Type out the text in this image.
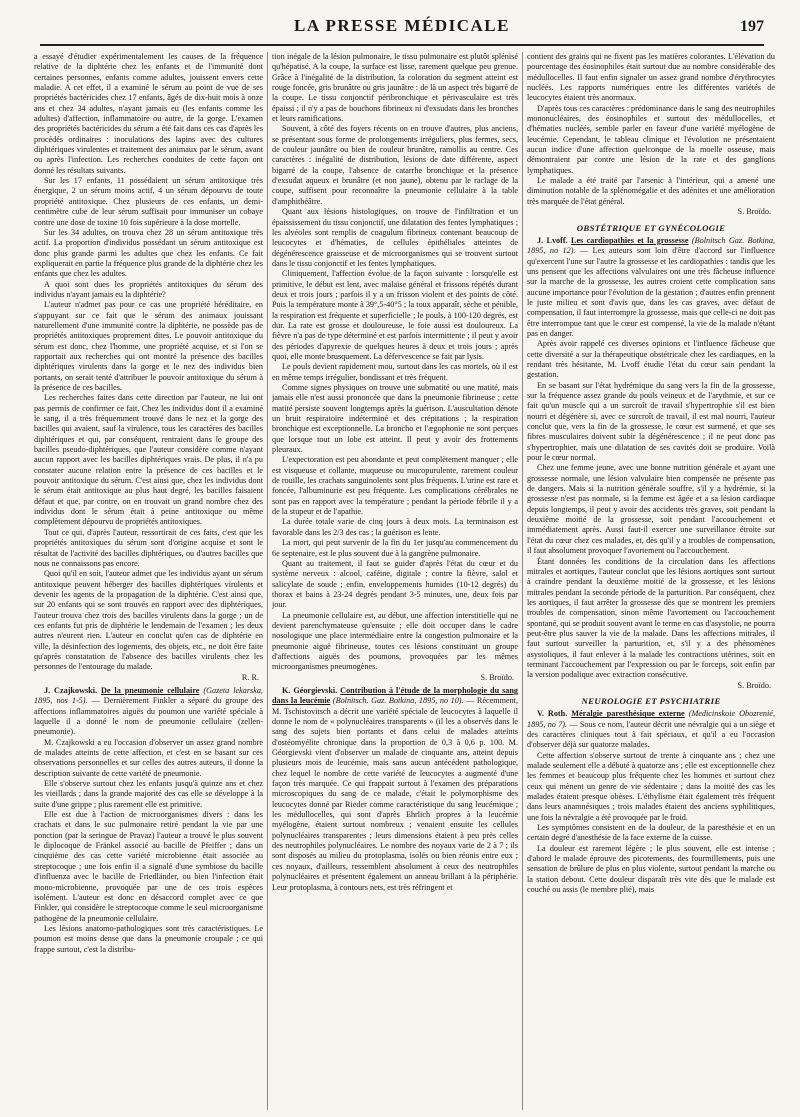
LA PRESSE MÉDICALE	197

a essayé d'étudier expérimentalement les causes de la fréquence relative de la diphtérie chez les enfants et de l'immunité dont certaines personnes, enfants comme adultes, jouissent envers cette maladie. A cet effet, il a examiné le sérum au point de vue de ses propriétés bactéricides chez 17 enfants, âgés de dix-huit mois à onze ans et chez 34 adultes, n'ayant jamais eu (les enfants comme les adultes) d'affection, inflammatoire ou autre, de la gorge. L'examen des propriétés bactéricides du sérum a été fait dans ces cas d'après les procédés ordinaires : inoculations des lapins avec des cultures diphtériques virulentes et traitement des animaux par le sérum, avant ou après l'infection. Les recherches conduites de cette façon ont donné les résultats suivants.

Sur les 17 enfants, 11 possédaient un sérum antitoxique très énergique, 2 un sérum moins actif, 4 un sérum dépourvu de toute propriété antitoxique. Chez plusieurs de ces enfants, un demi-centimètre cube de leur sérum suffisait pour immuniser un cobaye contre une dose de toxine 10 fois supérieure à la dose mortelle.

Sur les 34 adultes, on trouva chez 28 un sérum antitoxique très actif. La proportion d'individus possédant un sérum antitoxique est donc plus grande parmi les adultes que chez les enfants. Ce fait expliquerait en partie la fréquence plus grande de la diphtérie chez les enfants que chez les adultes.

A quoi sont dues les propriétés antitoxiques du sérum des individus n'ayant jamais eu la diphtérie?

L'auteur n'admet pas pour ce cas une propriété héréditaire, en s'appuyant sur ce fait que le sérum des animaux jouissant naturellement d'une immunité contre la diphtérie, ne possède pas de propriétés antitoxiques proprement dites. Le pouvoir antitoxique du sérum est donc, chez l'homme, une propriété acquise, et si l'on se rapportait aux recherches qui ont montré la présence des bacilles diphtériques virulents dans la gorge et le nez des individus bien portants, on serait tenté d'attribuer le pouvoir antitoxique du sérum à la présence de ces bacilles.

Les recherches faites dans cette direction par l'auteur, ne lui ont pas permis de confirmer ce fait. Chez les individus dont il a examiné le sang, il a très fréquemment trouvé dans le nez et la gorge des bacilles qui avaient, sauf la virulence, tous les caractères des bacilles diphtériques et qui, par conséquent, rentraient dans le groupe des bacilles pseudo-diphtériques, que l'auteur considère comme n'ayant aucun rapport avec les bacilles diphtériques vrais. De plus, il n'a pu constater aucune relation entre la présence de ces bacilles et le pouvoir antitoxique du sérum. C'est ainsi que, chez les individus dont le sérum était antitoxique au plus haut degré, les bacilles faisaient défaut et que, par contre, on en trouvait un grand nombre chez des individus dont le sérum était à peine antitoxique ou même complètement dépourvu de propriétés antitoxiques.

Tout ce qui, d'après l'auteur, ressortirait de ces faits, c'est que les propriétés antitoxiques du sérum sont d'origine acquise et sont le résultat de l'activité des bacilles diphtériques, ou d'autres bacilles que nous ne connaissons pas encore.

Quoi qu'il en soit, l'auteur admet que les individus ayant un sérum antitoxique peuvent héberger des bacilles diphtériques virulents et devenir les agents de la propagation de la diphtérie. C'est ainsi que, sur 20 enfants qui se sont trouvés en rapport avec des diphtériques, l'auteur trouva chez trois des bacilles virulents dans la gorge ; un de ces enfants fut pris de diphtérie le lendemain de l'examen ; les deux autres n'eurent rien. L'auteur en conclut qu'en cas de diphtérie en ville, la désinfection des logements, des objets, etc., ne doit être faite qu'après constatation de l'absence des bacilles virulents chez les personnes de l'entourage du malade.

R. R.

J. Czajkowski. De la pneumonie cellulaire (Gazeta lekarska, 1895, nos 1-5). — Dernièrement Finkler a séparé du groupe des affections inflammatoires aiguës du poumon une variété spéciale à laquelle il a donné le nom de pneumonie cellulaire (zellen-pneumonie).

M. Czajkowski a eu l'occasion d'observer un assez grand nombre de malades atteints de cette affection, et c'est en se basant sur ces observations personnelles et sur celles des autres auteurs, il donne la description suivante de cette variété de pneumonie.

Elle s'observe surtout chez les enfants jusqu'à quinze ans et chez les vieillards ; dans la grande majorité des cas elle se développe à la suite d'une grippe ; plus rarement elle est primitive.

Elle est due à l'action de microorganismes divers : dans les crachats et dans le suc pulmonaire retiré pendant la vie par une ponction (par la seringue de Pravaz) l'auteur a trouvé le plus souvent le diplocoque de Fränkel associé au bacille de Pfeiffer ; dans un cinquième des cas cette variété microbienne était associée au streptocoque ; une fois enfin il a signalé d'une symbiose du bacille d'influenza avec le bacille de Friedländer, ou bien l'infection était mono-microbienne, provoquée par une de ces trois espèces isolément. L'auteur est donc en désaccord complet avec ce que Finkler, qui considère le streptocoque comme le seul microorganisme pathogène de la pneumonie cellulaire.

Les lésions anatomo-pathologiques sont très caractéristiques. Le poumon est moins dense que dans la pneumonie croupale ; ce qui frappe surtout, c'est la distribu-

tion inégale de la lésion pulmonaire, le tissu pulmonaire est plutôt splénisé qu'hépatisé. A la coupe, la surface est lisse, rarement quelque peu grenue. Grâce à l'inégalité de la distribution, la coloration du segment atteint est rouge foncée, gris brunâtre ou gris jaunâtre : de là un aspect très bigarré de la coupe. Le tissu conjonctif péribronchique et périvasculaire est très épaissi ; il n'y a pas de bouchons fibrineux ni d'exsudats dans les bronches et leurs ramifications.

Souvent, à côté des foyers récents on en trouve d'autres, plus anciens, se présentant sous forme de prolongements irréguliers, plus fermes, secs, de couleur jaunâtre ou bien de couleur brunâtre, ramollis au centre. Ces caractères : inégalité de distribution, lésions de date différente, aspect bigarré de la coupe, l'absence de catarrhe bronchique et la présence d'exsudat aqueux et brunâtre (et non jaune), obtenu par le raclage de la coupe, suffisent pour reconnaître la pneumonie cellulaire à la table d'amphithéâtre.

Quant aux lésions histologiques, on trouve de l'infiltration et un épaississement du tissu conjonctif, une dilatation des fentes lymphatiques ; les alvéoles sont remplis de coagulum fibrineux contenant beaucoup de leucocytes et d'hématies, de cellules épithéliales atteintes de dégénérescence graisseuse et de microorganismes qui se trouvent surtout dans le tissu conjonctif et les fentes lymphatiques.

Cliniquement, l'affection évolue de la façon suivante : lorsqu'elle est primitive, le début est lent, avec malaise général et frissons répétés durant deux et trois jours ; parfois il y a un frisson violent et des points de côté. Puis la température monte à 39°,5-40°5 ; la toux apparaît, sèche et pénible, la respiration est fréquente et superficielle ; le pouls, à 100-120 degrés, est dur. La rate est grosse et douloureuse, le foie aussi est douloureux. La fièvre n'a pas de type déterminé et est parfois intermittente ; il peut y avoir des périodes d'apyrexie de quelques heures à deux et trois jours ; après quoi, elle monte brusquement. La défervescence se fait par lysis.

Le pouls devient rapidement mou, surtout dans les cas mortels, où il est en même temps irrégulier, bondissant et très fréquent.

Comme signes physiques on trouve une submatité ou une matité, mais jamais elle n'est aussi prononcée que dans la pneumonie fibrineuse ; cette matité persiste souvent longtemps après la guérison. L'auscultation dénote un bruit respiratoire indéterminé et des crépitations ; la respiration bronchique est exceptionnelle. La broncho et l'ægophonie ne sont perçues que lorsque tout un lobe est atteint. Il peut y avoir des frottements pleuraux.

L'expectoration est peu abondante et peut complètement manquer ; elle est visqueuse et collante, muqueuse ou mucopurulente, rarement couleur de rouille, les crachats sanguinolents sont plus fréquents. L'urine est rare et foncée, l'albuminurie est peu fréquente. Les complications cérébrales ne sont pas en rapport avec la température ; pendant la période fébrile il y a de la stupeur et de l'apathie.

La durée totale varie de cinq jours à deux mois. La terminaison est favorable dans les 2/3 des cas ; la guérison es lente.

La mort, qui peut survenir de la fin du 1er jusqu'au commencement du 6e septenaire, est le plus souvent due à la gangrène pulmonaire.

Quant au traitement, il faut se guider d'après l'état du cœur et du système nerveux : alcool, caféine, digitale ; contre la fièvre, salol et salicylate de soude ; enfin, enveloppements humides (10-12 degrés) du thorax et bains à 23-24 degrés pendant 3-5 minutes, une, deux fois par jour.

La pneumonie cellulaire est, au début, une affection interstitielle qui ne devient parenchymateuse qu'ensuite ; elle doit occuper dans le cadre nosologique une place intermédiaire entre la congestion pulmonaire et la pneumonie aiguë fibrineuse, toutes ces lésions constituant un groupe d'affections aiguës des poumons, provoquées par les mêmes microorganismes pneumogènes.

S. Broïdo.

K. Géorgievski. Contribution à l'étude de la morphologie du sang dans la leucémie (Bolnitsch. Gaz. Botkina, 1895, no 10). — Récemment, M. Tschistovitsch a décrit une variété spéciale de leucocytes à laquelle il donne le nom de « polynucléaires transparents » (il les a observés dans le sang des sujets bien portants et dans celui de malades atteints d'ostéomyélite chronique dans la proportion de 0,3 à 0,6 p. 100. M. Géorgievski vient d'observer un malade de cinquante ans, atteint depuis plusieurs mois de leucémie, mais sans aucun antécédent pathologique, chez lequel le nombre de cette variété de leucocytes a augmenté d'une façon très marquée. Ce qui frappait surtout à l'examen des préparations microscopiques du sang de ce malade, c'était le polymorphisme des leucocytes donné par Rieder comme caractéristique du sang leucémique ; les médullocelles, qui sont d'après Ehrlich propres à la leucémie myélogène, étaient surtout nombreux ; venaient ensuite les cellules polynucléaires transparentes ; leurs dimensions étaient à peu près celles des neutrophiles polynucléaires. Le nombre des noyaux varie de 2 à 7 ; ils sont disposés au milieu du protoplasma, isolés ou bien réunis entre eux ; ces noyaux, d'ailleurs, ressemblent absolument à ceux des neutrophiles polynucléaires et présentent également un anneau brillant à la périphérie. Leur protoplasma, à contours nets, est très réfringent et

contient des grains qui ne fixent pas les matières colorantes. L'élévation du pourcentage des éosinophiles était surtout due au nombre considérable des médullocelles. Il faut enfin signaler un assez grand nombre d'érythrocytes nucléés. Les rapports numériques entre les différentes variétés de leucocytes étaient très anormaux.

D'après tous ces caractères : prédominance dans le sang des neutrophiles mononucléaires, des éosinophiles et surtout des médullocelles, et d'hématies nucléés, semble parler en faveur d'une variété myélogène de leucémie. Cependant, le tableau clinique et l'évolution ne présentaient aucun indice d'une affection quelconque de la moelle osseuse, mais démontraient par contre une lésion de la rate et des ganglions lymphatiques.

Le malade a été traité par l'arsenic à l'intérieur, qui a amené une diminution notable de la splénomégalie et des adénites et une amélioration très marquée de l'état général.

S. Broïdo.
OBSTÉTRIQUE ET GYNÉCOLOGIE

J. Lvoff. Les cardiopathies et la grossesse (Bolnitsch Gaz. Botkina, 1895, no 12). — Les auteurs sont loin d'être d'accord sur l'influence qu'exercent l'une sur l'autre la grossesse et les cardiopathies : tandis que les uns pensent que les affections valvulaires ont une très fâcheuse influence sur la marche de la grossesse, les autres croient cette complication sans aucune importance pour l'évolution de la gestation ; d'autres enfin prennent le juste milieu et sont d'avis que, dans les cas graves, avec défaut de compensation, il faut interrompre la grossesse, mais que celle-ci ne doit pas être interrompue tant que le cœur est compensé, la vie de la malade n'étant pas en danger.

Après avoir rappelé ces diverses opinions et l'influence fâcheuse que cette diversité a sur la thérapeutique obstétricale chez les cardiaques, en la rendant très hésitante, M. Lvoff étudie l'état du cœur sain pendant la gestation.

En se basant sur l'état hydrémique du sang vers la fin de la grossesse, sur la fréquence assez grande du pouls veineux et de l'arythmie, et sur ce fait qu'un muscle qui a un surcroît de travail s'hypertrophie s'il est bien nourri et dégénère si, avec ce surcroît de travail, il est mal nourri, l'auteur conclut que, vers la fin de la grossesse, le cœur est surmené, et que ses fibres musculaires doivent subir la dégénérescence ; il ne peut donc pas s'hypertrophier, mais une dilatation de ses cavités doit se produire. Voilà pour le cœur normal.

Chez une femme jeune, avec une bonne nutrition générale et ayant une grossesse normale, une lésion valvulaire bien compensée ne présente pas de dangers. Mais si la nutrition générale souffre, s'il y a hydrémie, si la grossesse n'est pas normale, si la femme est âgée et a sa lésion cardiaque depuis longtemps, il peut y avoir des accidents très graves, soit pendant la deuxième moitié de la grossesse, soit pendant l'accouchement et immédiatement après. Aussi faut-il exercer une surveillance étroite sur l'état du cœur chez ces malades, et, dès qu'il y a troubles de compensation, il faut absolument provoquer l'avortement ou l'accouchement.

Étant données les conditions de la circulation dans les affections mitrales et aortiques, l'auteur conclut que les lésions aortiques sont surtout à craindre pendant la deuxième moitié de la grossesse, et les lésions mitrales pendant la seconde période de la parturition. Par conséquent, chez les aortiques, il faut arrêter la grossesse dès que se montrent les premiers troubles de compensation, sinon même l'avortement ou l'accouchement spontané, qui se produit souvent avant le terme en cas d'asystolie, ne pourra peut-être plus sauver la vie de la malade. Dans les affections mitrales, il faut surtout surveiller la parturition, et, s'il y a des phénomènes asystoliques, il faut enlever à la malade les contractions utérines, soit en terminant l'accouchement par l'expression ou par le forceps, soit enfin par la version podalique avec extraction consécutive.

S. Broïdo.
NEUROLOGIE ET PSYCHIATRIE

V. Roth. Méralgie paresthésique externe (Medicinskoie Obozrenié, 1895, no 7). — Sous ce nom, l'auteur décrit une névralgie qui a un siège et des caractères cliniques tout à fait spéciaux, et qu'il a eu l'occasion d'observer déjà sur quatorze malades.

Cette affection s'observe surtout de trente à cinquante ans ; chez une malade seulement elle a débuté à quatorze ans ; elle est exceptionnelle chez les femmes et beaucoup plus fréquente chez les hommes et surtout chez ceux qui mènent un genre de vie sédentaire ; dans la moitié des cas les malades étaient presque obèses. L'éthylisme était également très fréquent dans leurs anamnésiques ; trois malades étaient des anciens syphilitiques, une fois la névralgie a été provoquée par le froid.

Les symptômes consistent en de la douleur, de la paresthésie et en un certain degré d'anesthésie de la face externe de la cuisse.

La douleur est rarement légère ; le plus souvent, elle est intense ; d'abord le malade éprouve des picotements, des fourmillements, puis une sensation de brûlure de plus en plus violente, surtout pendant la marche ou la station debout. Cette douleur disparaît très vite dès que le malade est couché ou assis (le membre plié), mais
